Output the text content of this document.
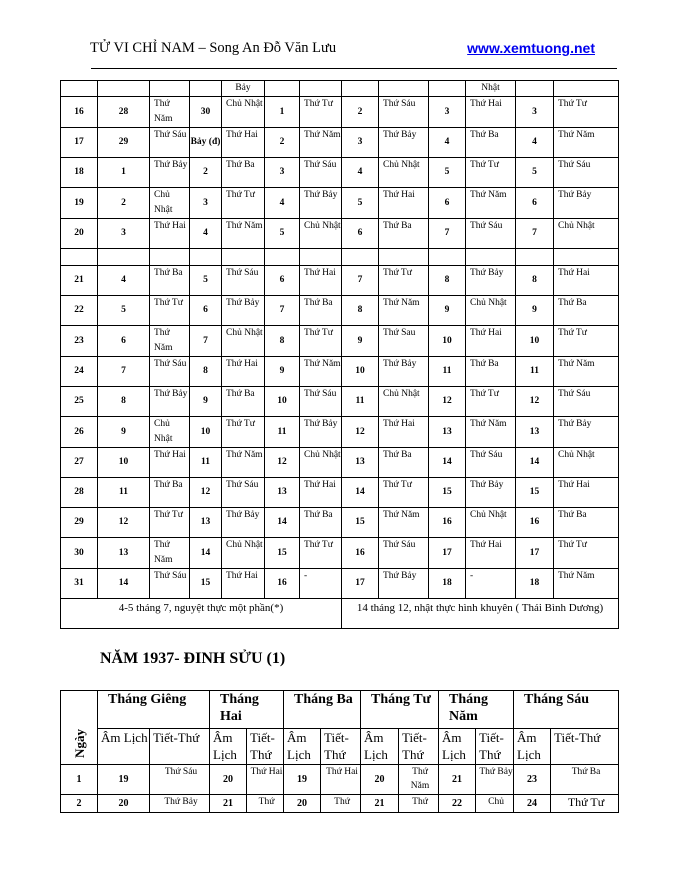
TỬ VI CHỈ NAM – Song An Đỗ Văn Lưu	www.xemtuong.net
				Bảy						Nhật		
16	28	Thứ Năm	30	Chủ Nhật	1	Thứ Tư	2	Thứ Sáu	3	Thứ Hai	3	Thứ Tư
17	29	Thứ Sáu	Bảy (đ)	Thứ Hai	2	Thứ Năm	3	Thứ Bảy	4	Thứ Ba	4	Thứ Năm
18	1	Thứ Bảy	2	Thứ Ba	3	Thứ Sáu	4	Chủ Nhật	5	Thứ Tư	5	Thứ Sáu
19	2	Chủ Nhật	3	Thứ Tư	4	Thứ Bảy	5	Thứ Hai	6	Thứ Năm	6	Thứ Bảy
20	3	Thứ Hai	4	Thứ Năm	5	Chủ Nhật	6	Thứ Ba	7	Thứ Sáu	7	Chủ Nhật

21	4	Thứ Ba	5	Thứ Sáu	6	Thứ Hai	7	Thứ Tư	8	Thứ Bảy	8	Thứ Hai
22	5	Thứ Tư	6	Thứ Bảy	7	Thứ Ba	8	Thứ Năm	9	Chủ Nhật	9	Thứ Ba
23	6	Thứ Năm	7	Chủ Nhật	8	Thứ Tư	9	Thứ Sau	10	Thứ Hai	10	Thứ Tư
24	7	Thứ Sáu	8	Thứ Hai	9	Thứ Năm	10	Thứ Bảy	11	Thứ Ba	11	Thứ Năm
25	8	Thứ Bảy	9	Thứ Ba	10	Thứ Sáu	11	Chủ Nhật	12	Thứ Tư	12	Thứ Sáu
26	9	Chủ Nhật	10	Thứ Tư	11	Thứ Bảy	12	Thứ Hai	13	Thứ Năm	13	Thứ Bảy
27	10	Thứ Hai	11	Thứ Năm	12	Chủ Nhật	13	Thứ Ba	14	Thứ Sáu	14	Chủ Nhật
28	11	Thứ Ba	12	Thứ Sáu	13	Thứ Hai	14	Thứ Tư	15	Thứ Bảy	15	Thứ Hai
29	12	Thứ Tư	13	Thứ Bảy	14	Thứ Ba	15	Thứ Năm	16	Chủ Nhật	16	Thứ Ba
30	13	Thứ Năm	14	Chủ Nhật	15	Thứ Tư	16	Thứ Sáu	17	Thứ Hai	17	Thứ Tư
31	14	Thứ Sáu	15	Thứ Hai	16	-	17	Thứ Bảy	18	-	18	Thứ Năm
4-5 tháng 7, nguyệt thực một phần(*)							14 tháng 12, nhật thực hình khuyên ( Thái Bình Dương)					
NĂM 1937- ĐINH SỬU (1)
Ngày	Tháng Giêng		Tháng Hai		Tháng Ba		Tháng Tư		Tháng Năm		Tháng Sáu	
	Âm Lịch	Tiết-Thứ	Âm Lịch	Tiết-Thứ	Âm Lịch	Tiết-Thứ	Âm Lịch	Tiết-Thứ	Âm Lịch	Tiết-Thứ	Âm Lịch	Tiết-Thứ
1	19	Thứ Sáu	20	Thứ Hai	19	Thứ Hai	20	Thứ Năm	21	Thứ Bảy	23	Thứ Ba
2	20	Thứ Bảy	21	Thứ	20	Thứ	21	Thứ	22	Chủ	24	Thứ Tư
